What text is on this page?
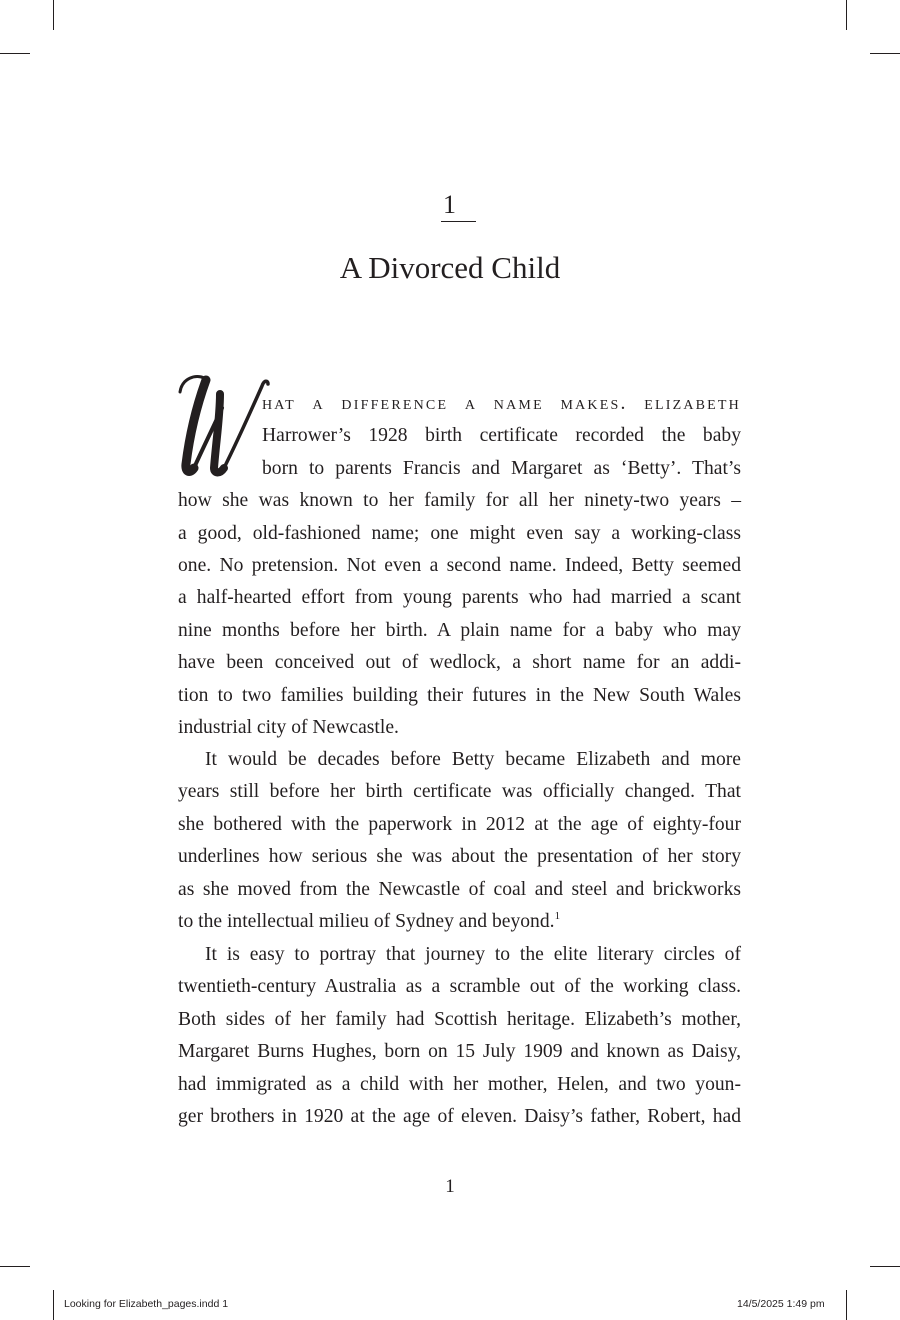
1
A Divorced Child
hat a difference a name makes. elizabeth
Harrower’s 1928 birth certificate recorded the baby
born to parents Francis and Margaret as ‘Betty’. That’s
how she was known to her family for all her ninety-two years –
a good, old-fashioned name; one might even say a working-class
one. No pretension. Not even a second name. Indeed, Betty seemed
a half-hearted effort from young parents who had married a scant
nine months before her birth. A plain name for a baby who may
have been conceived out of wedlock, a short name for an addi-
tion to two families building their futures in the New South Wales
industrial city of Newcastle.
It would be decades before Betty became Elizabeth and more
years still before her birth certificate was officially changed. That
she bothered with the paperwork in 2012 at the age of eighty-four
underlines how serious she was about the presentation of her story
as she moved from the Newcastle of coal and steel and brickworks
to the intellectual milieu of Sydney and beyond.$^1$
It is easy to portray that journey to the elite literary circles of
twentieth-century Australia as a scramble out of the working class.
Both sides of her family had Scottish heritage. Elizabeth’s mother,
Margaret Burns Hughes, born on 15 July 1909 and known as Daisy,
had immigrated as a child with her mother, Helen, and two youn-
ger brothers in 1920 at the age of eleven. Daisy’s father, Robert, had
1
Looking for Elizabeth_pages.indd 1	14/5/2025 1:49 pm
